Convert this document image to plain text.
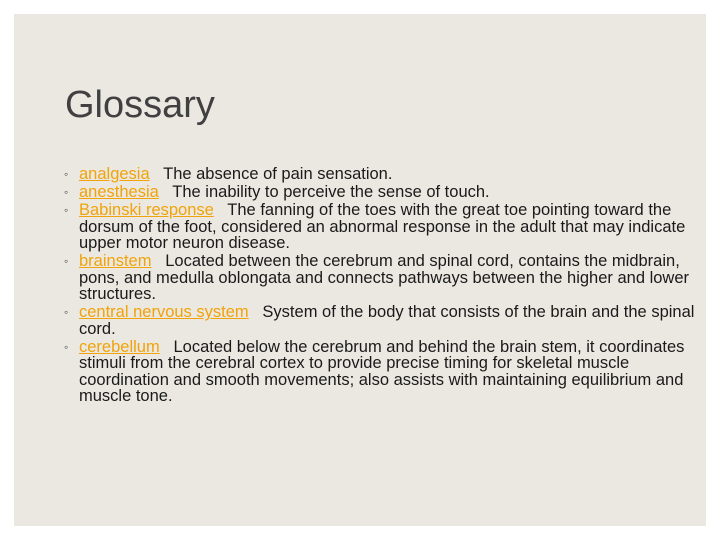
Glossary
◦ analgesia The absence of pain sensation.
◦ anesthesia The inability to perceive the sense of touch.
◦ Babinski response The fanning of the toes with the great toe pointing toward the dorsum of the foot, considered an abnormal response in the adult that may indicate upper motor neuron disease.
◦ brainstem Located between the cerebrum and spinal cord, contains the midbrain, pons, and medulla oblongata and connects pathways between the higher and lower structures.
◦ central nervous system System of the body that consists of the brain and the spinal cord.
◦ cerebellum Located below the cerebrum and behind the brain stem, it coordinates stimuli from the cerebral cortex to provide precise timing for skeletal muscle coordination and smooth movements; also assists with maintaining equilibrium and muscle tone.
